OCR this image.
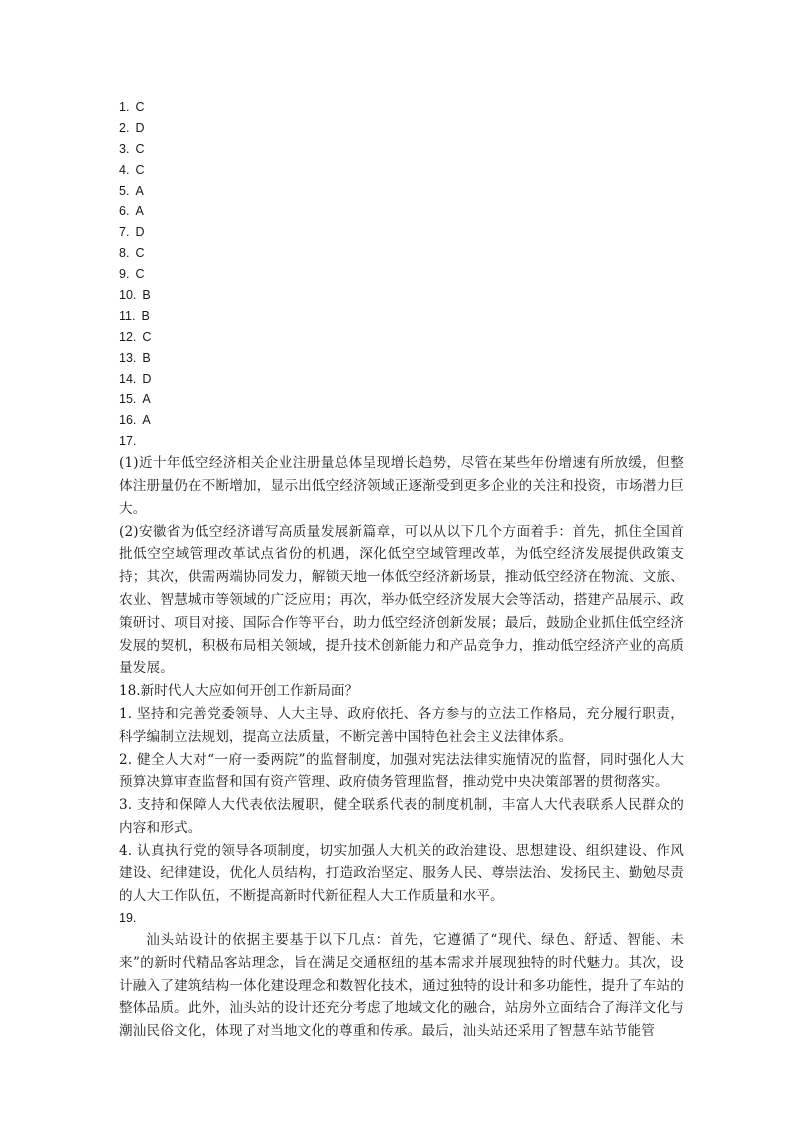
1. C
2. D
3. C
4. C
5. A
6. A
7. D
8. C
9. C
10. B
11. B
12. C
13. B
14. D
15. A
16. A
17.

(1)近十年低空经济相关企业注册量总体呈现增长趋势，尽管在某些年份增速有所放缓，但整体注册量仍在不断增加，显示出低空经济领域正逐渐受到更多企业的关注和投资，市场潜力巨大。

(2)安徽省为低空经济谱写高质量发展新篇章，可以从以下几个方面着手：首先，抓住全国首批低空空域管理改革试点省份的机遇，深化低空空域管理改革，为低空经济发展提供政策支持；其次，供需两端协同发力，解锁天地一体低空经济新场景，推动低空经济在物流、文旅、农业、智慧城市等领域的广泛应用；再次，举办低空经济发展大会等活动，搭建产品展示、政策研讨、项目对接、国际合作等平台，助力低空经济创新发展；最后，鼓励企业抓住低空经济发展的契机，积极布局相关领域，提升技术创新能力和产品竞争力，推动低空经济产业的高质量发展。

18.新时代人大应如何开创工作新局面？

1. 坚持和完善党委领导、人大主导、政府依托、各方参与的立法工作格局，充分履行职责，科学编制立法规划，提高立法质量，不断完善中国特色社会主义法律体系。

2. 健全人大对“一府一委两院”的监督制度，加强对宪法法律实施情况的监督，同时强化人大预算决算审查监督和国有资产管理、政府债务管理监督，推动党中央决策部署的贯彻落实。

3. 支持和保障人大代表依法履职，健全联系代表的制度机制，丰富人大代表联系人民群众的内容和形式。

4. 认真执行党的领导各项制度，切实加强人大机关的政治建设、思想建设、组织建设、作风建设、纪律建设，优化人员结构，打造政治坚定、服务人民、尊崇法治、发扬民主、勤勉尽责的人大工作队伍，不断提高新时代新征程人大工作质量和水平。

19.

汕头站设计的依据主要基于以下几点：首先，它遵循了“现代、绿色、舒适、智能、未来”的新时代精品客站理念，旨在满足交通枢纽的基本需求并展现独特的时代魅力。其次，设计融入了建筑结构一体化建设理念和数智化技术，通过独特的设计和多功能性，提升了车站的整体品质。此外，汕头站的设计还充分考虑了地域文化的融合，站房外立面结合了海洋文化与潮汕民俗文化，体现了对当地文化的尊重和传承。最后，汕头站还采用了智慧车站节能管
